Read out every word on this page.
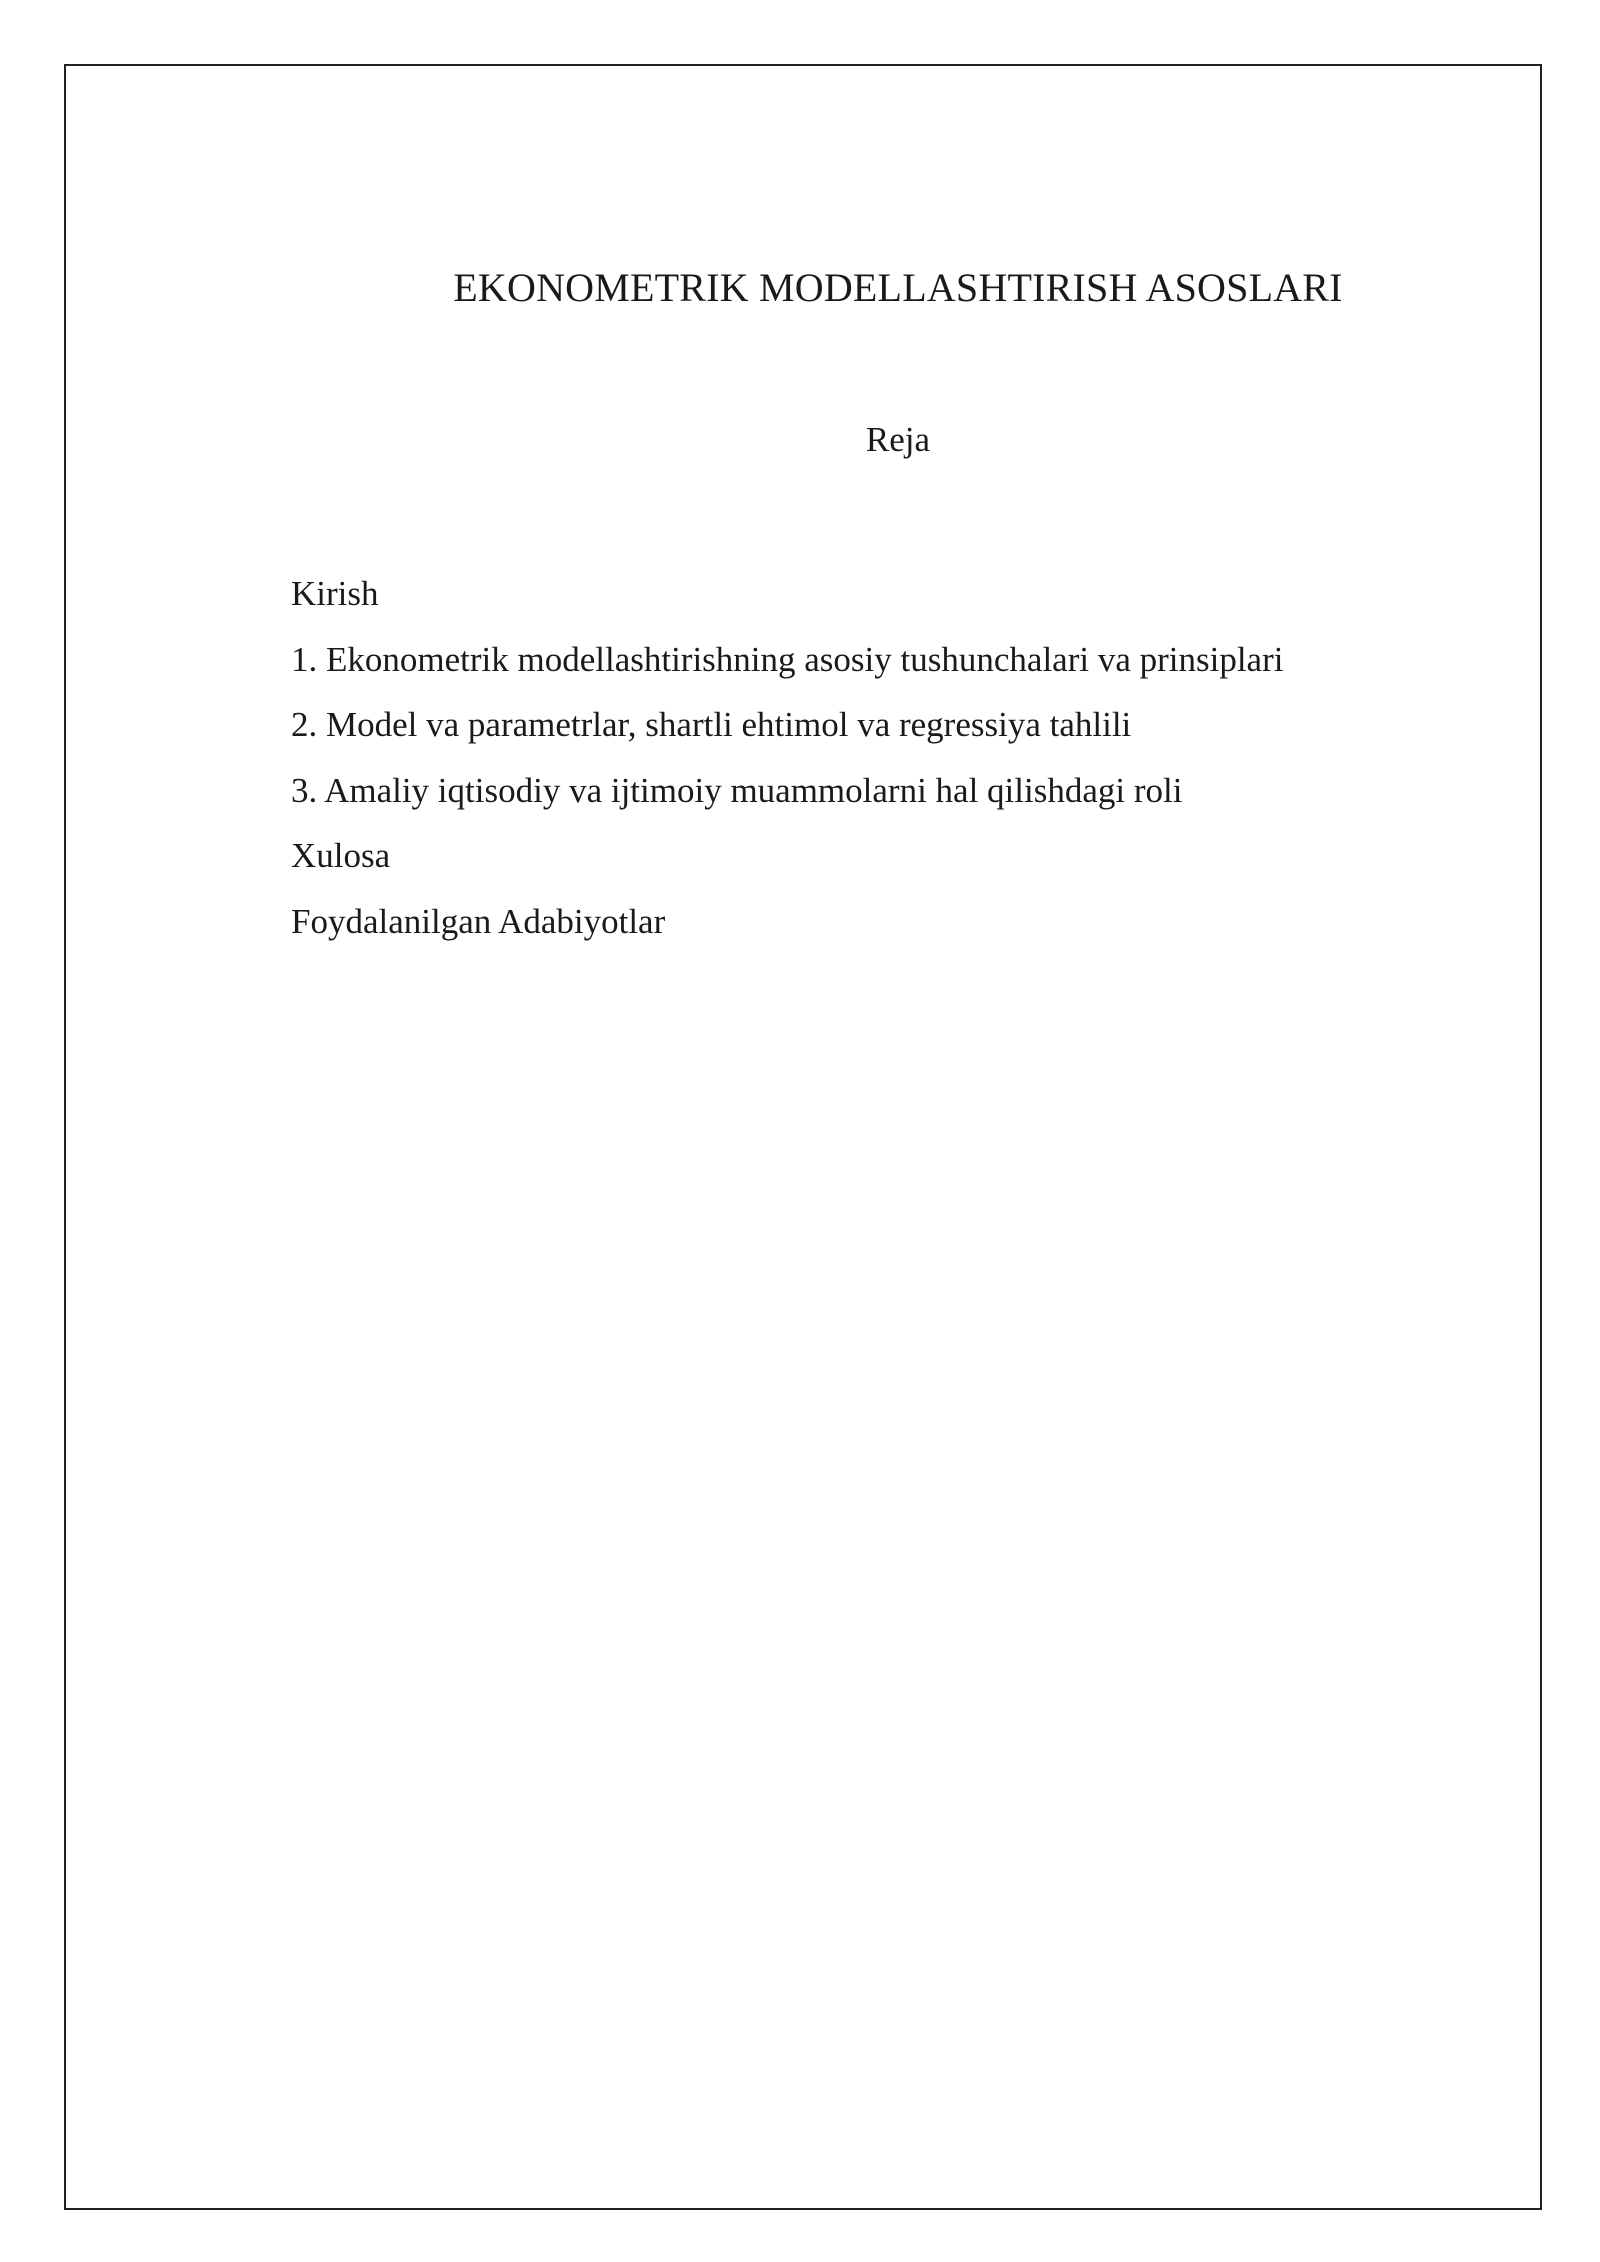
EKONOMETRIK MODELLASHTIRISH ASOSLARI
Reja
Kirish
1. Ekonometrik modellashtirishning asosiy tushunchalari va prinsiplari
2. Model va parametrlar, shartli ehtimol va regressiya tahlili
3. Amaliy iqtisodiy va ijtimoiy muammolarni hal qilishdagi roli
Xulosa
Foydalanilgan Adabiyotlar
